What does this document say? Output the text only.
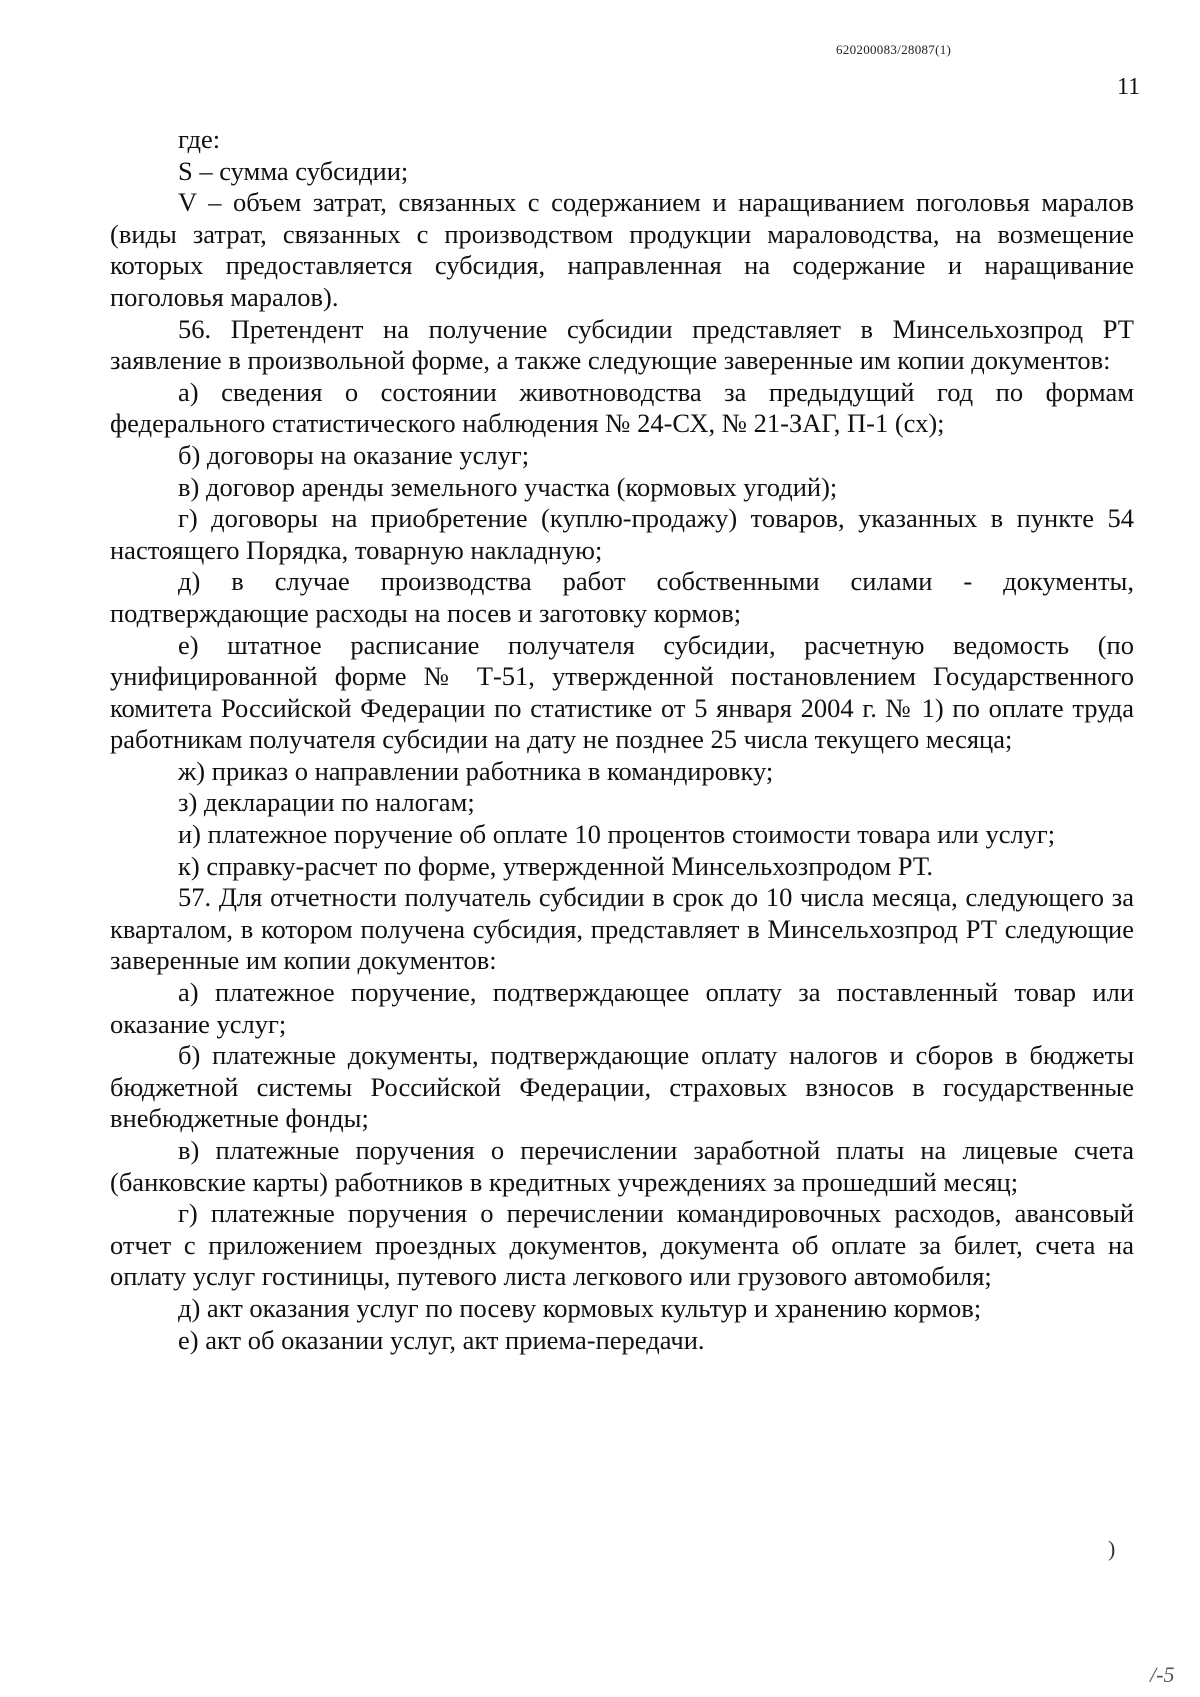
620200083/28087(1)
11

где:

S – сумма субсидии;

V – объем затрат, связанных с содержанием и наращиванием поголовья маралов (виды затрат, связанных с производством продукции мараловодства, на возмещение которых предоставляется субсидия, направленная на содержание и наращивание поголовья маралов).

56. Претендент на получение субсидии представляет в Минсельхозпрод РТ заявление в произвольной форме, а также следующие заверенные им копии документов:

а) сведения о состоянии животноводства за предыдущий год по формам федерального статистического наблюдения № 24-СХ, № 21-ЗАГ, П-1 (сх);

б) договоры на оказание услуг;

в) договор аренды земельного участка (кормовых угодий);

г) договоры на приобретение (куплю-продажу) товаров, указанных в пункте 54 настоящего Порядка, товарную накладную;

д) в случае производства работ собственными силами - документы, подтверждающие расходы на посев и заготовку кормов;

е) штатное расписание получателя субсидии, расчетную ведомость (по унифицированной форме № Т-51, утвержденной постановлением Государственного комитета Российской Федерации по статистике от 5 января 2004 г. № 1) по оплате труда работникам получателя субсидии на дату не позднее 25 числа текущего месяца;

ж) приказ о направлении работника в командировку;

з) декларации по налогам;

и) платежное поручение об оплате 10 процентов стоимости товара или услуг;

к) справку-расчет по форме, утвержденной Минсельхозпродом РТ.

57. Для отчетности получатель субсидии в срок до 10 числа месяца, следующего за кварталом, в котором получена субсидия, представляет в Минсельхозпрод РТ следующие заверенные им копии документов:

а) платежное поручение, подтверждающее оплату за поставленный товар или оказание услуг;

б) платежные документы, подтверждающие оплату налогов и сборов в бюджеты бюджетной системы Российской Федерации, страховых взносов в государственные внебюджетные фонды;

в) платежные поручения о перечислении заработной платы на лицевые счета (банковские карты) работников в кредитных учреждениях за прошедший месяц;

г) платежные поручения о перечислении командировочных расходов, авансовый отчет с приложением проездных документов, документа об оплате за билет, счета на оплату услуг гостиницы, путевого листа легкового или грузового автомобиля;

д) акт оказания услуг по посеву кормовых культур и хранению кормов;

е) акт об оказании услуг, акт приема-передачи.

)
/-5
